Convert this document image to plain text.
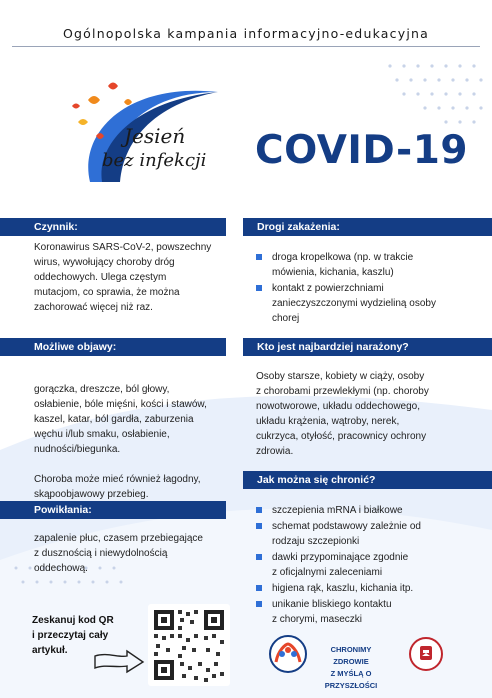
Ogólnopolska kampania informacyjno-edukacyjna
Jesień
bez infekcji COVID-19
Czynnik:

Koronawirus SARS-CoV-2, powszechny

wirus, wywołujący choroby dróg

oddechowych. Ulega częstym

mutacjom, co sprawia, że można

zachorować więcej niż raz.

Możliwe objawy:

gorączka, dreszcze, ból głowy,

osłabienie, bóle mięśni, kości i stawów,

kaszel, katar, ból gardła, zaburzenia

węchu i/lub smaku, osłabienie,

nudności/biegunka.

Choroba może mieć również łagodny,

skąpoobjawowy przebieg.

Powikłania:

zapalenie płuc, czasem przebiegające

z dusznością i niewydolnością

oddechową.

Drogi zakażenia:
droga kropelkowa (np. w trakcie
mówienia, kichania, kaszlu)
kontakt z powierzchniami
zanieczyszczonymi wydzieliną osoby
chorej
Kto jest najbardziej narażony?

Osoby starsze, kobiety w ciąży, osoby

z chorobami przewlekłymi (np. choroby

nowotworowe, układu oddechowego,

układu krążenia, wątroby, nerek,

cukrzyca, otyłość, pracownicy ochrony

zdrowia.

Jak można się chronić?
szczepienia mRNA i białkowe
schemat podstawowy zależnie od
rodzaju szczepionki
dawki przypominające zgodnie
z oficjalnymi zaleceniami
higiena rąk, kaszlu, kichania itp.
unikanie bliskiego kontaktu
z chorymi, maseczki
Zeskanuj kod QR
i przeczytaj cały
artykuł.	CHRONIMY ZDROWIE
Z MYŚLĄ O PRZYSZŁOŚCI
